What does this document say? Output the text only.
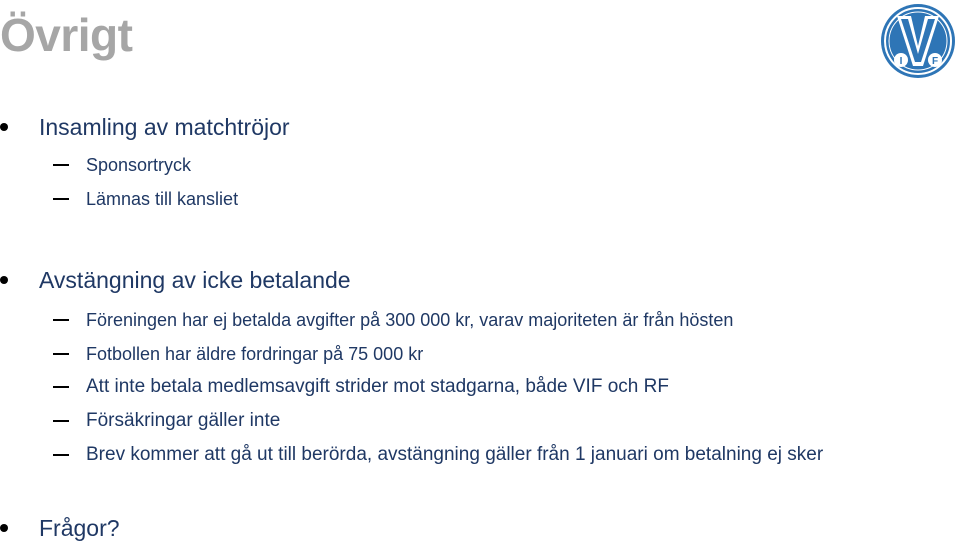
Övrigt
I	F
Insamling av matchtröjor
Sponsortryck
Lämnas till kansliet
Avstängning av icke betalande
Föreningen har ej betalda avgifter på 300 000 kr, varav majoriteten är från hösten
Fotbollen har äldre fordringar på 75 000 kr
Att inte betala medlemsavgift strider mot stadgarna, både VIF och RF
Försäkringar gäller inte
Brev kommer att gå ut till berörda, avstängning gäller från 1 januari om betalning ej sker
Frågor?
